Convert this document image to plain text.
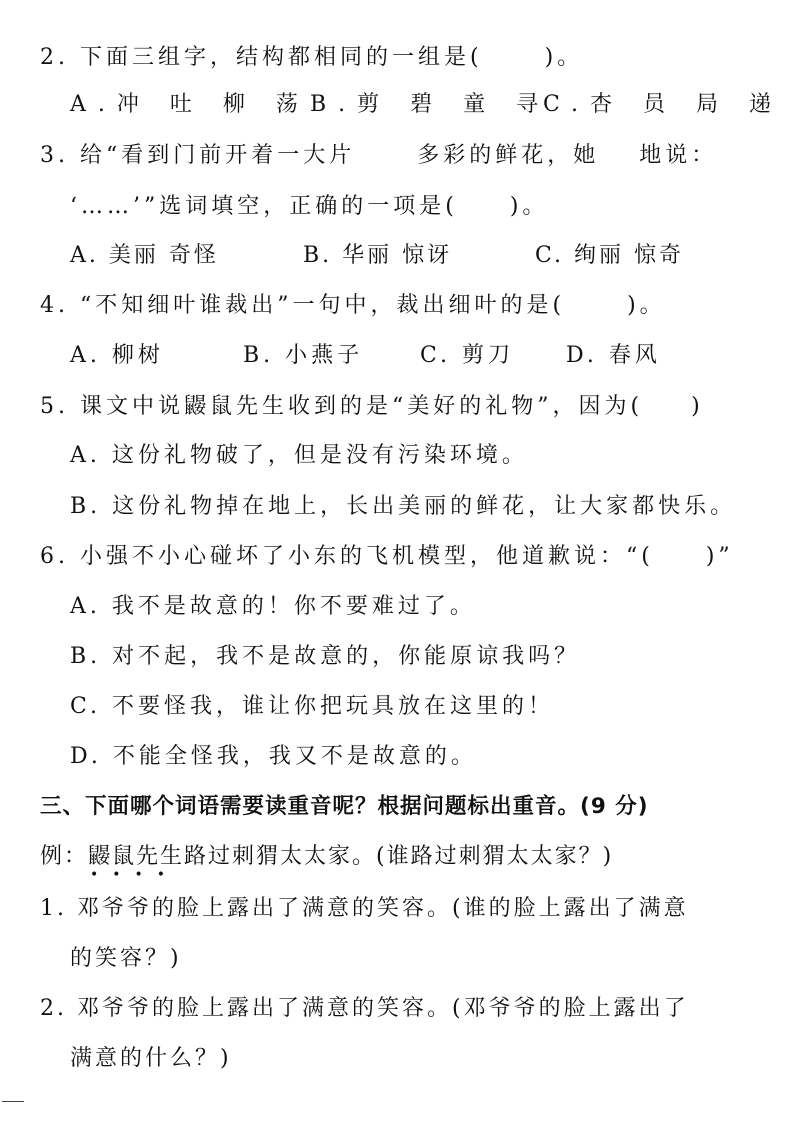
2. 下面三组字，结构都相同的一组是(	)。
A.冲 吐 柳 荡 B.剪 碧 童 寻
C.杏 员 局 递
3. 给“看到门前开着一大片	多彩的鲜花，她 地说：
‘……’”选词填空，正确的一项是( )。
A. 美丽 奇怪	B. 华丽 惊讶	C. 绚丽 惊奇
4. “不知细叶谁裁出”一句中，裁出细叶的是(	)。
A. 柳树	B. 小燕子	C. 剪刀 D. 春风
5. 课文中说鼹鼠先生收到的是“美好的礼物”，因为( )
A. 这份礼物破了，但是没有污染环境。
B. 这份礼物掉在地上，长出美丽的鲜花，让大家都快乐。
6. 小强不小心碰坏了小东的飞机模型，他道歉说：“( )”
A. 我不是故意的！你不要难过了。
B. 对不起，我不是故意的，你能原谅我吗？
C. 不要怪我，谁让你把玩具放在这里的！
D. 不能全怪我，我又不是故意的。
三、下面哪个词语需要读重音呢？根据问题标出重音。(9 分)
例：鼹鼠先生
••••
路过刺猬太太家。(谁路过刺猬太太家？)
1. 邓爷爷的脸上露出了满意的笑容。(谁的脸上露出了满意
的笑容？)
2. 邓爷爷的脸上露出了满意的笑容。(邓爷爷的脸上露出了
满意的什么？)
